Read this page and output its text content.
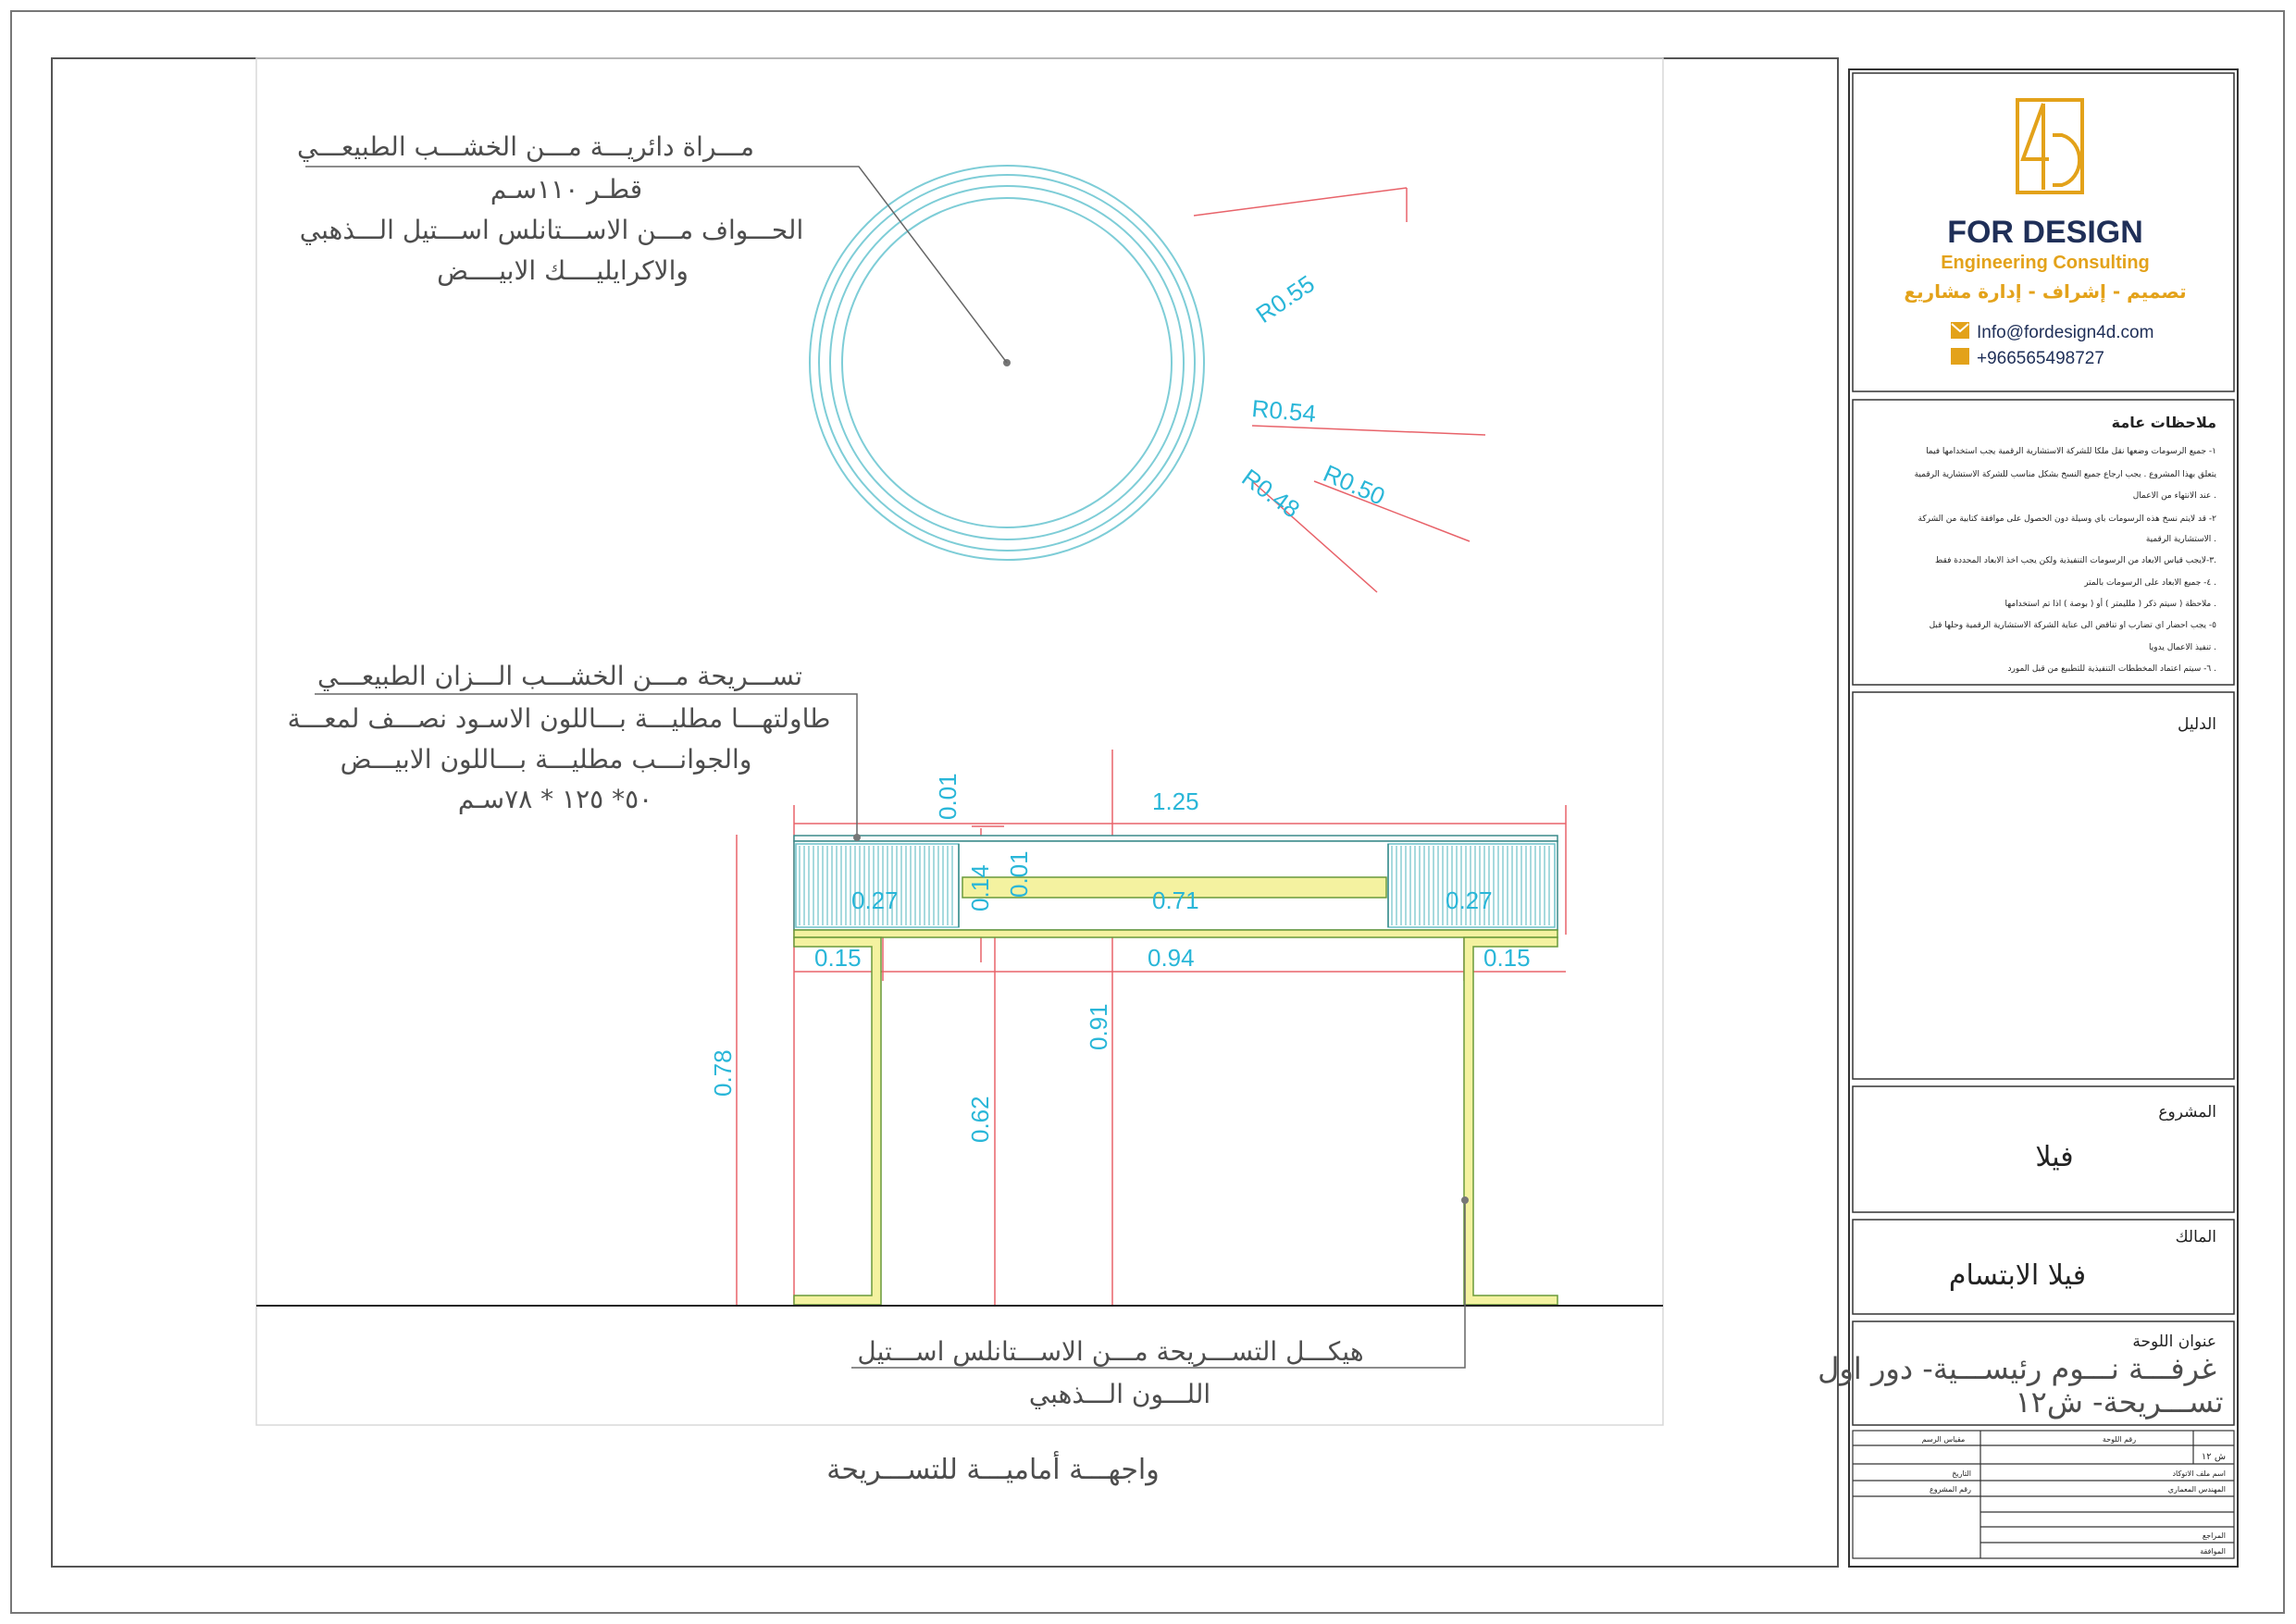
R0.55
R0.54
R0.48 R0.50
مـــراة دائريـــة مـــن الخشـــب الطبيعـــي
قطـر ١١٠سـم
الحـــواف مـــن الاســـتانلس اســـتيل الـــذهبي
والاكرايليــــك الابيــــض
0.01	1.25
0.01
0.14
0.27	0.71	0.27
0.15	0.94	0.15
0.78
0.91
0.62
تســـريحة مـــن الخشـــب الـــزان الطبيعـــي
طاولتهـــا مطليـــة بـــاللون الاسـود نصـــف لمعـــة
والجوانـــب مطليـــة بـــاللون الابيـــض
٥٠* ١٢٥ * ٧٨سـم
هيكـــل التســـريحة مـــن الاســـتانلس اســـتيل
اللـــون الـــذهبي
واجهـــة أماميـــة للتســـريحة
FOR DESIGN
Engineering Consulting
تصميم - إشراف - إدارة مشاريع
Info@fordesign4d.com
+966565498727
ملاحظات عامة
١- جميع الرسومات وضعها نقل ملكا للشركة الاستشارية الرقمية يجب استخدامها فيما
يتعلق بهذا المشروع . يجب ارجاع جميع النسخ بشكل مناسب للشركة الاستشارية الرقمية
عند الانتهاء من الاعمال .
٢- قد لايتم نسخ هذه الرسومات باي وسيلة دون الحصول على موافقة كتابية من الشركة
الاستشارية الرقمية .
٣-لايجب قياس الابعاد من الرسومات التنفيذية ولكن يجب اخذ الابعاد المحددة فقط.
٤- جميع الابعاد على الرسومات بالمتر .
ملاحظة ( سيتم ذكر ( ملليمتر ) أو ( بوصة ) اذا تم استخدامها .
٥- يجب احضار اي تضارب او تناقض الى عناية الشركة الاستشارية الرقمية وحلها قبل
تنفيذ الاعمال يدويا .
٦- سيتم اعتماد المخططات التنفيذية للتطبيع من قبل المورد .
الدليل
المشروع
فيلا
المالك
فيلا الابتسام
عنوان اللوحة
غرفـــة نـــوم رئيســـية- دور اول
تســـريحة- ش١٢
رقم اللوحة
مقياس الرسم
ش ١٢
اسم ملف الاتوكاد
التاريخ
المهندس المعماري
رقم المشروع
المراجع
الموافقة
